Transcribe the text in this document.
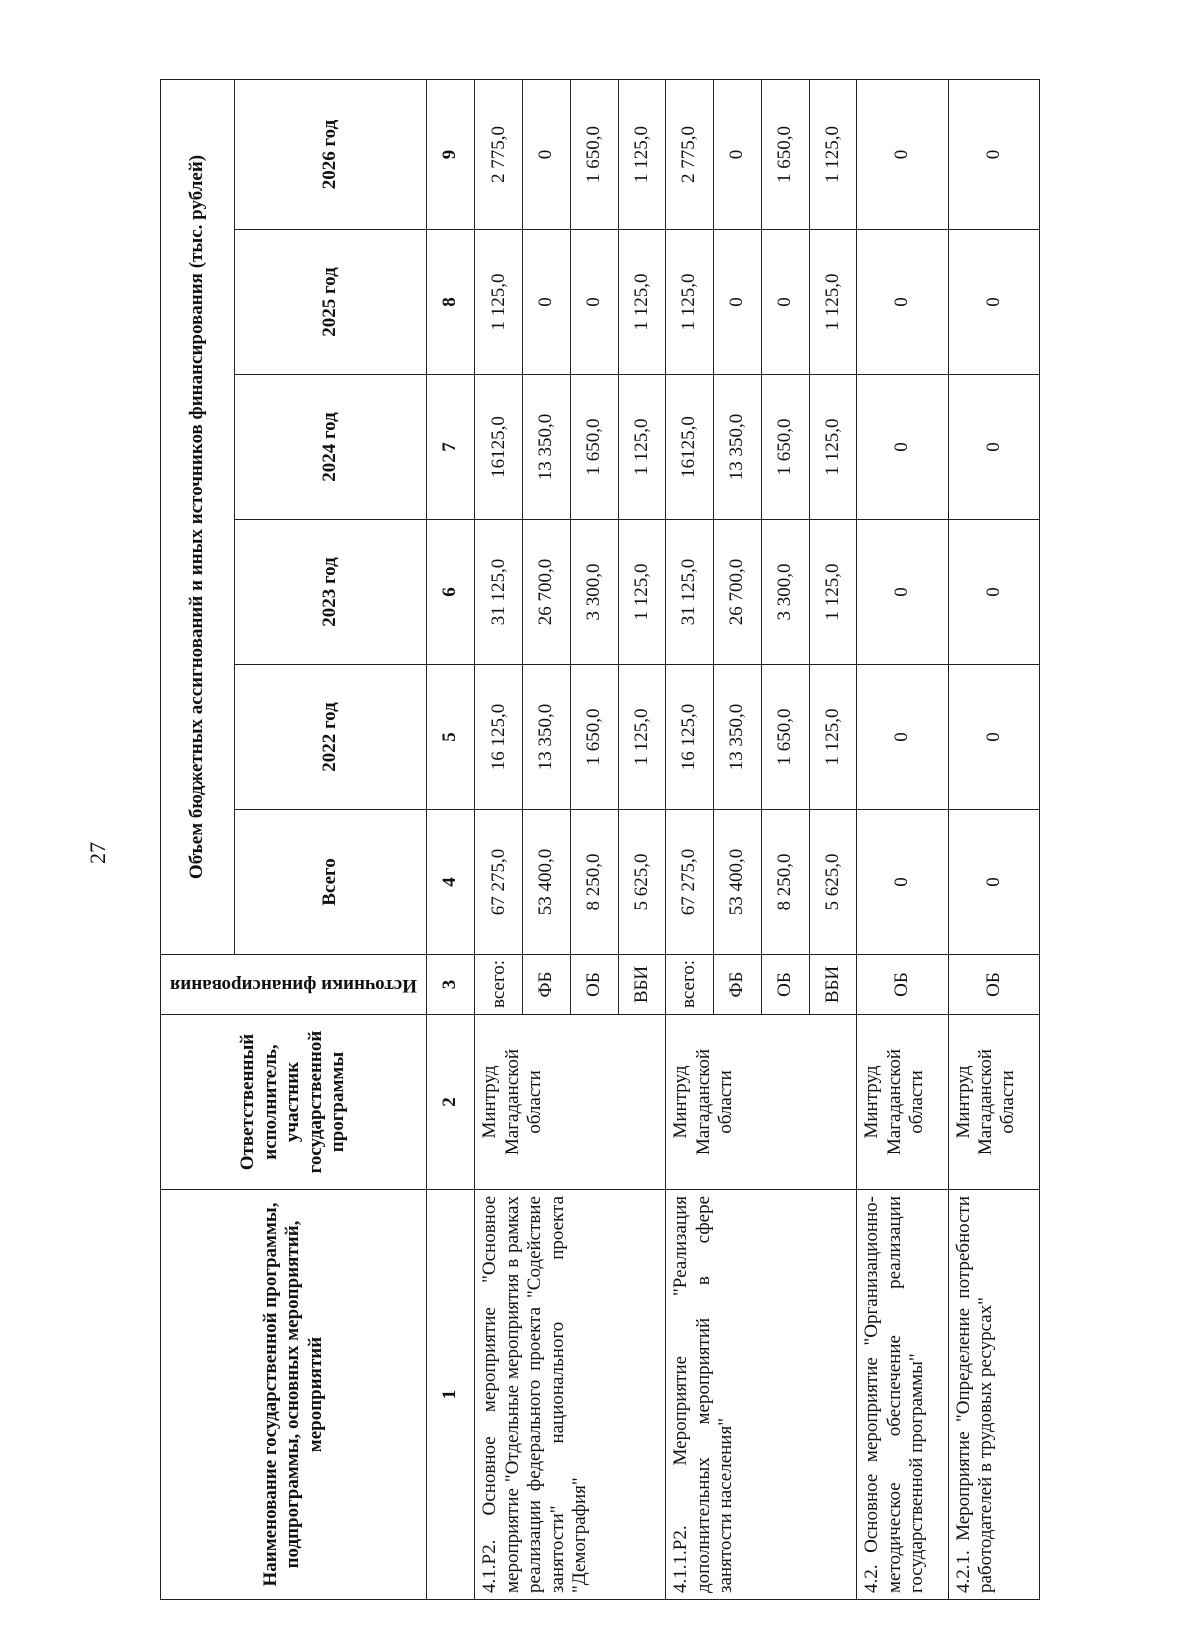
27
Наименование государственной программы, подпрограммы, основных мероприятий, мероприятий	Ответственный исполнитель, участник государственной программы	Источники финансирования	Объем бюджетных ассигнований и иных источников финансирования (тыс. рублей)					
			Всего	2022 год	2023 год	2024 год	2025 год	2026 год
1	2	3	4	5	6	7	8	9
4.1.Р2. Основное мероприятие "Основное мероприятие "Отдельные мероприятия в рамках реализации федерального проекта "Содействие занятости" национального проекта "Демография"	Минтруд Магаданской области	всего:	67 275,0	16 125,0	31 125,0	16125,0	1 125,0	2 775,0
		ФБ	53 400,0	13 350,0	26 700,0	13 350,0	0	0
		ОБ	8 250,0	1 650,0	3 300,0	1 650,0	0	1 650,0
		ВБИ	5 625,0	1 125,0	1 125,0	1 125,0	1 125,0	1 125,0
4.1.1.Р2. Мероприятие "Реализация дополнительных мероприятий в сфере занятости населения"	Минтруд Магаданской области	всего:	67 275,0	16 125,0	31 125,0	16125,0	1 125,0	2 775,0
		ФБ	53 400,0	13 350,0	26 700,0	13 350,0	0	0
		ОБ	8 250,0	1 650,0	3 300,0	1 650,0	0	1 650,0
		ВБИ	5 625,0	1 125,0	1 125,0	1 125,0	1 125,0	1 125,0
4.2. Основное мероприятие "Организационно-методическое обеспечение реализации государственной программы"	Минтруд Магаданской области	ОБ	0	0	0	0	0	0
4.2.1. Мероприятие "Определение потребности работодателей в трудовых ресурсах"	Минтруд Магаданской области	ОБ	0	0	0	0	0	0
